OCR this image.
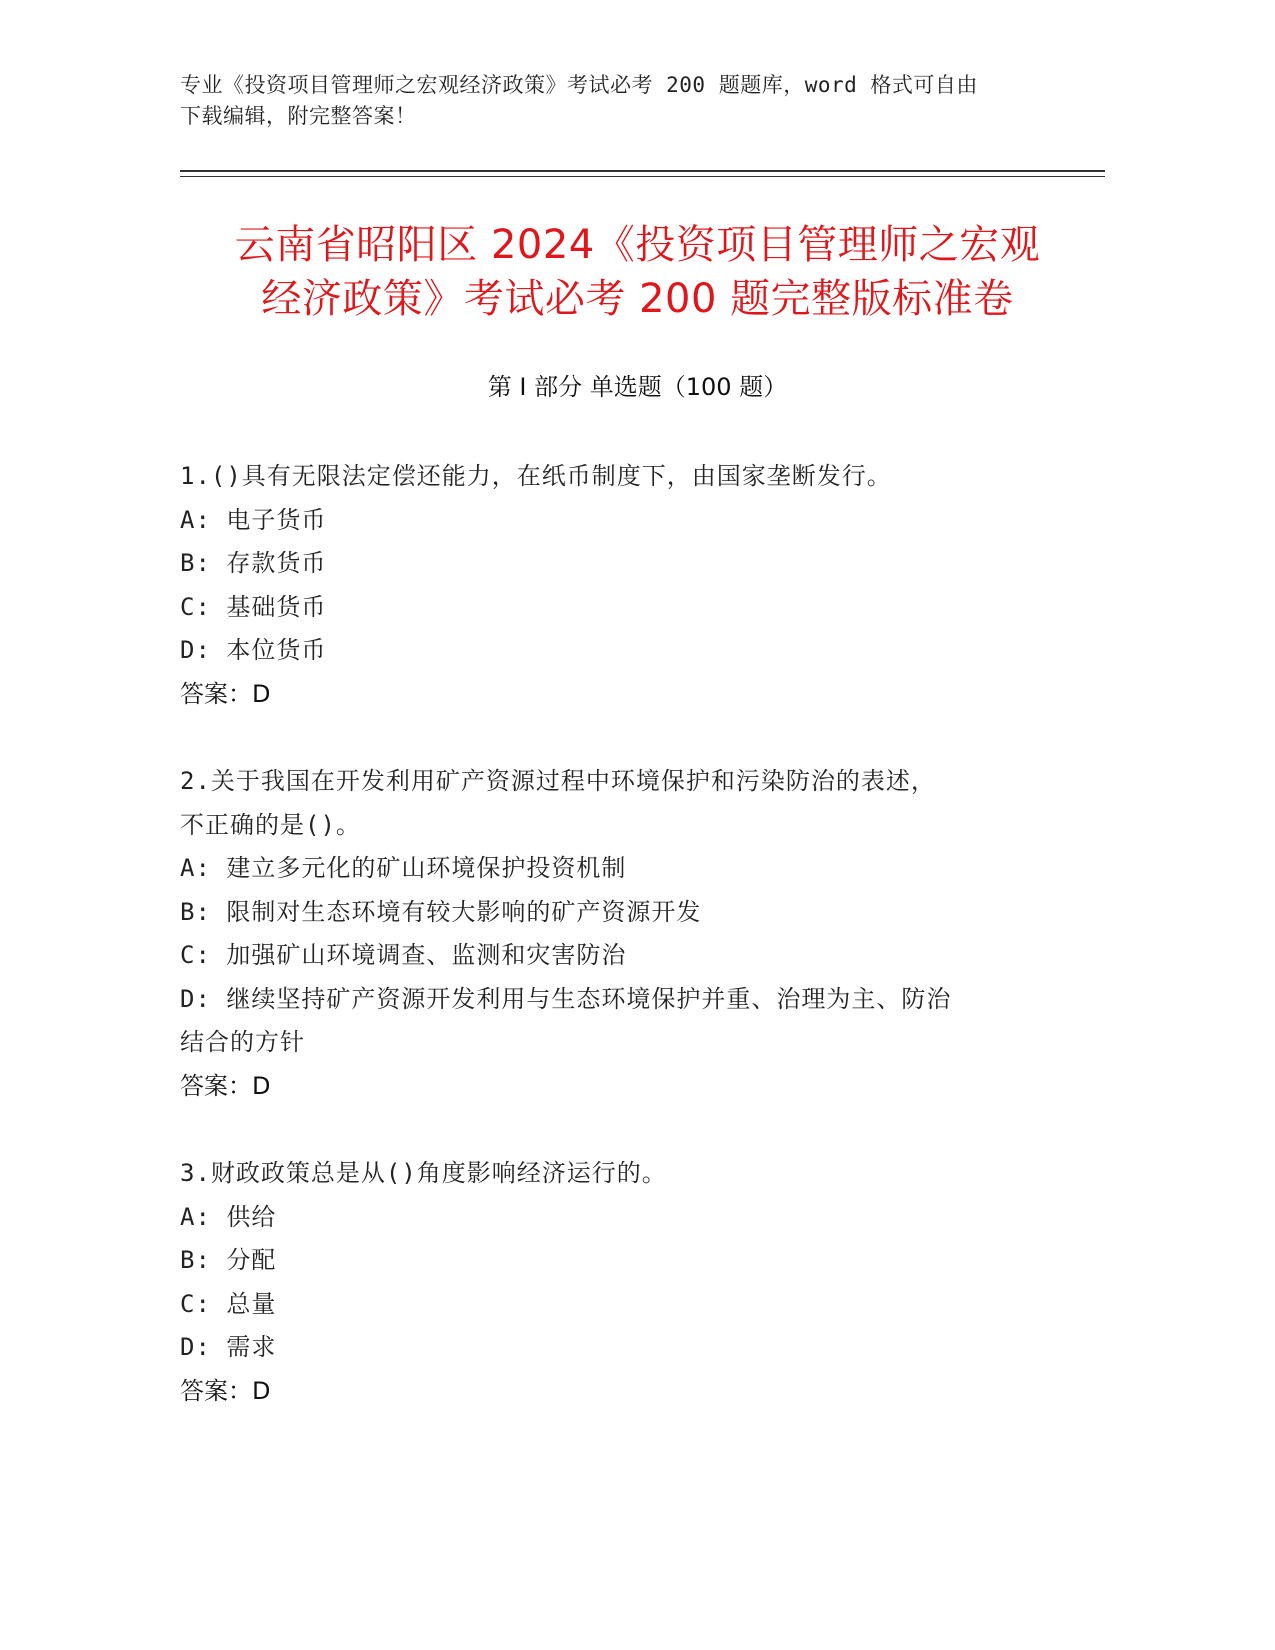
专业《投资项目管理师之宏观经济政策》考试必考 200 题题库，word 格式可自由
下载编辑，附完整答案！
云南省昭阳区 2024《投资项目管理师之宏观
经济政策》考试必考 200 题完整版标准卷
第 I 部分 单选题（100 题）

1.()具有无限法定偿还能力，在纸币制度下，由国家垄断发行。

A: 电子货币

B: 存款货币

C: 基础货币

D: 本位货币

答案：D

2.关于我国在开发利用矿产资源过程中环境保护和污染防治的表述，

不正确的是()。

A: 建立多元化的矿山环境保护投资机制

B: 限制对生态环境有较大影响的矿产资源开发

C: 加强矿山环境调查、监测和灾害防治

D: 继续坚持矿产资源开发利用与生态环境保护并重、治理为主、防治

结合的方针

答案：D

3.财政政策总是从()角度影响经济运行的。

A: 供给

B: 分配

C: 总量

D: 需求

答案：D
